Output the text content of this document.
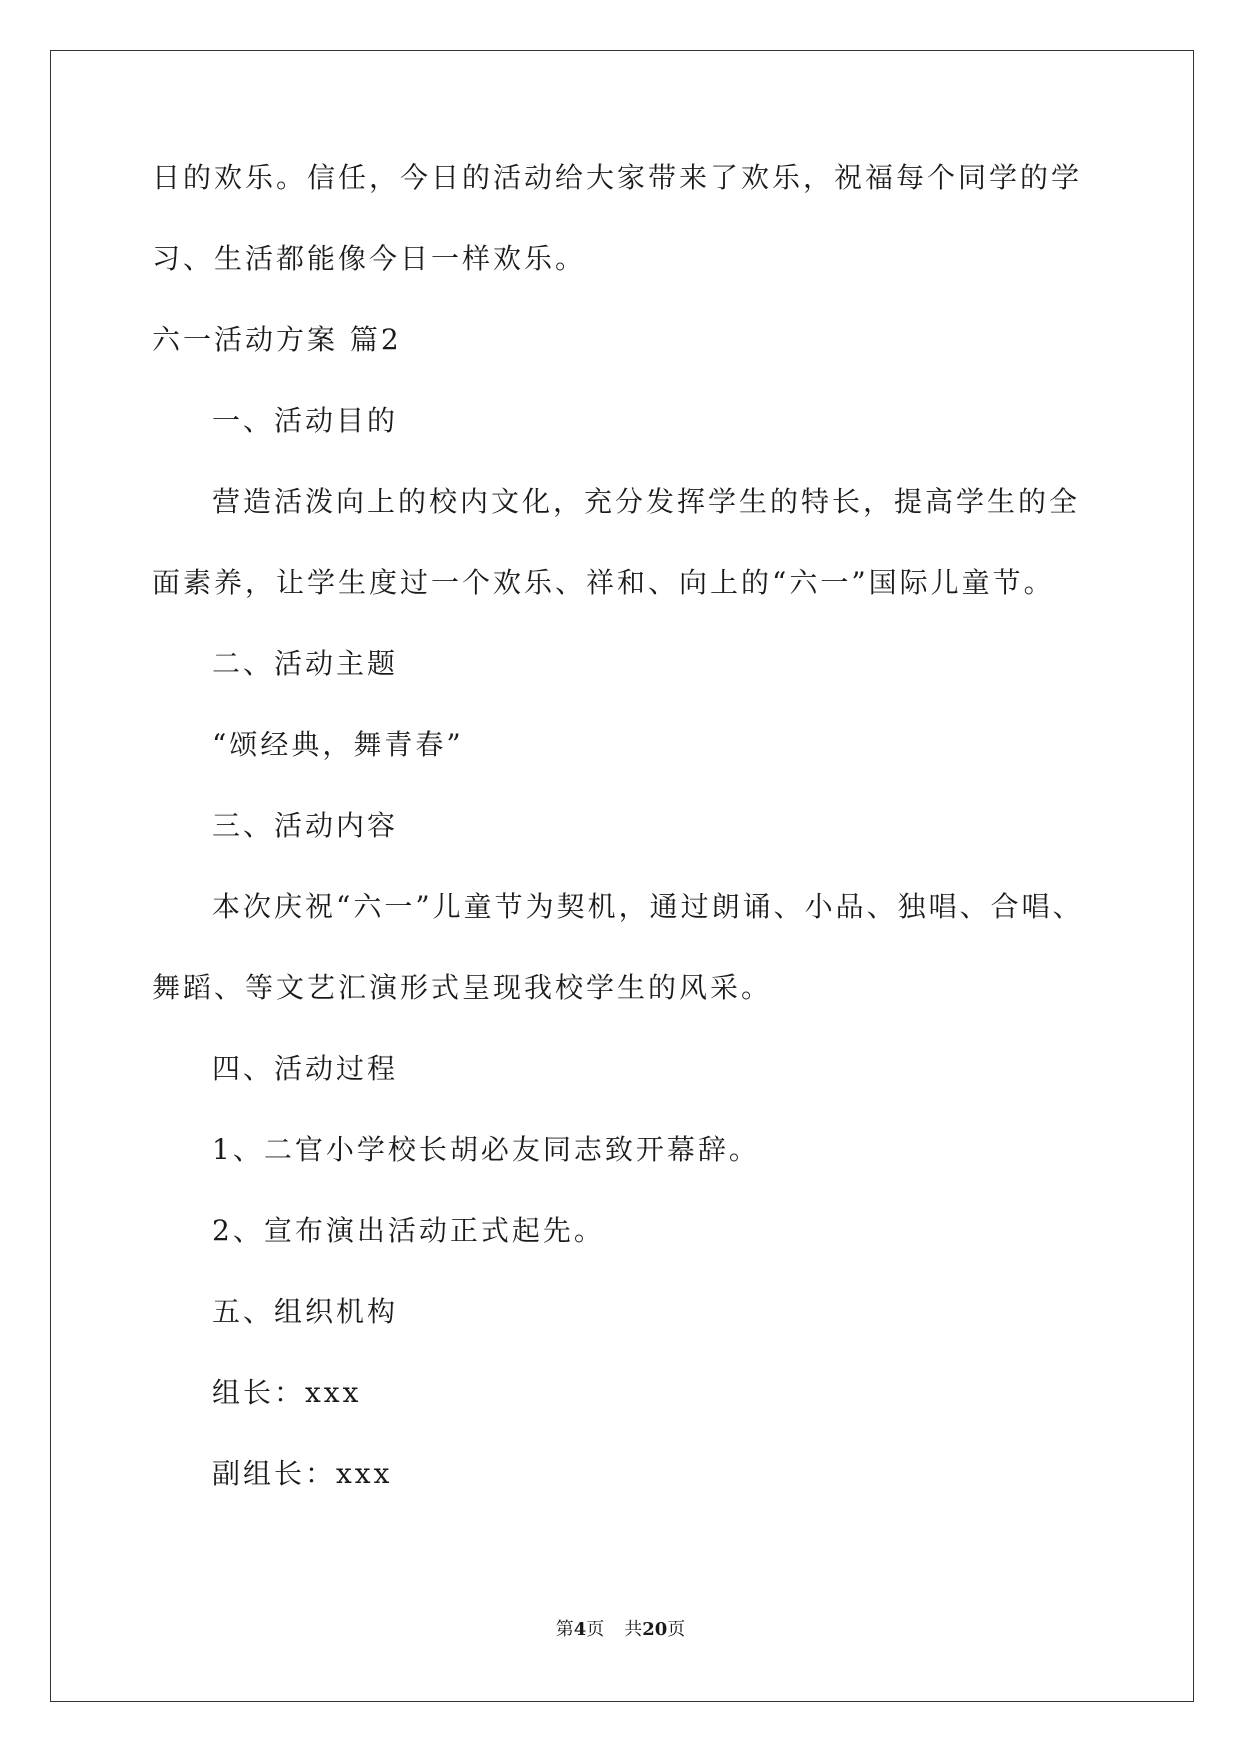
日的欢乐。信任，今日的活动给大家带来了欢乐，祝福每个同学的学

习、生活都能像今日一样欢乐。

六一活动方案 篇2

一、活动目的

营造活泼向上的校内文化，充分发挥学生的特长，提高学生的全

面素养，让学生度过一个欢乐、祥和、向上的“六一”国际儿童节。

二、活动主题

“颂经典，舞青春”

三、活动内容

本次庆祝“六一”儿童节为契机，通过朗诵、小品、独唱、合唱、

舞蹈、等文艺汇演形式呈现我校学生的风采。

四、活动过程

1、二官小学校长胡必友同志致开幕辞。

2、宣布演出活动正式起先。

五、组织机构

组长：xxx

副组长：xxx

第4页 共20页
